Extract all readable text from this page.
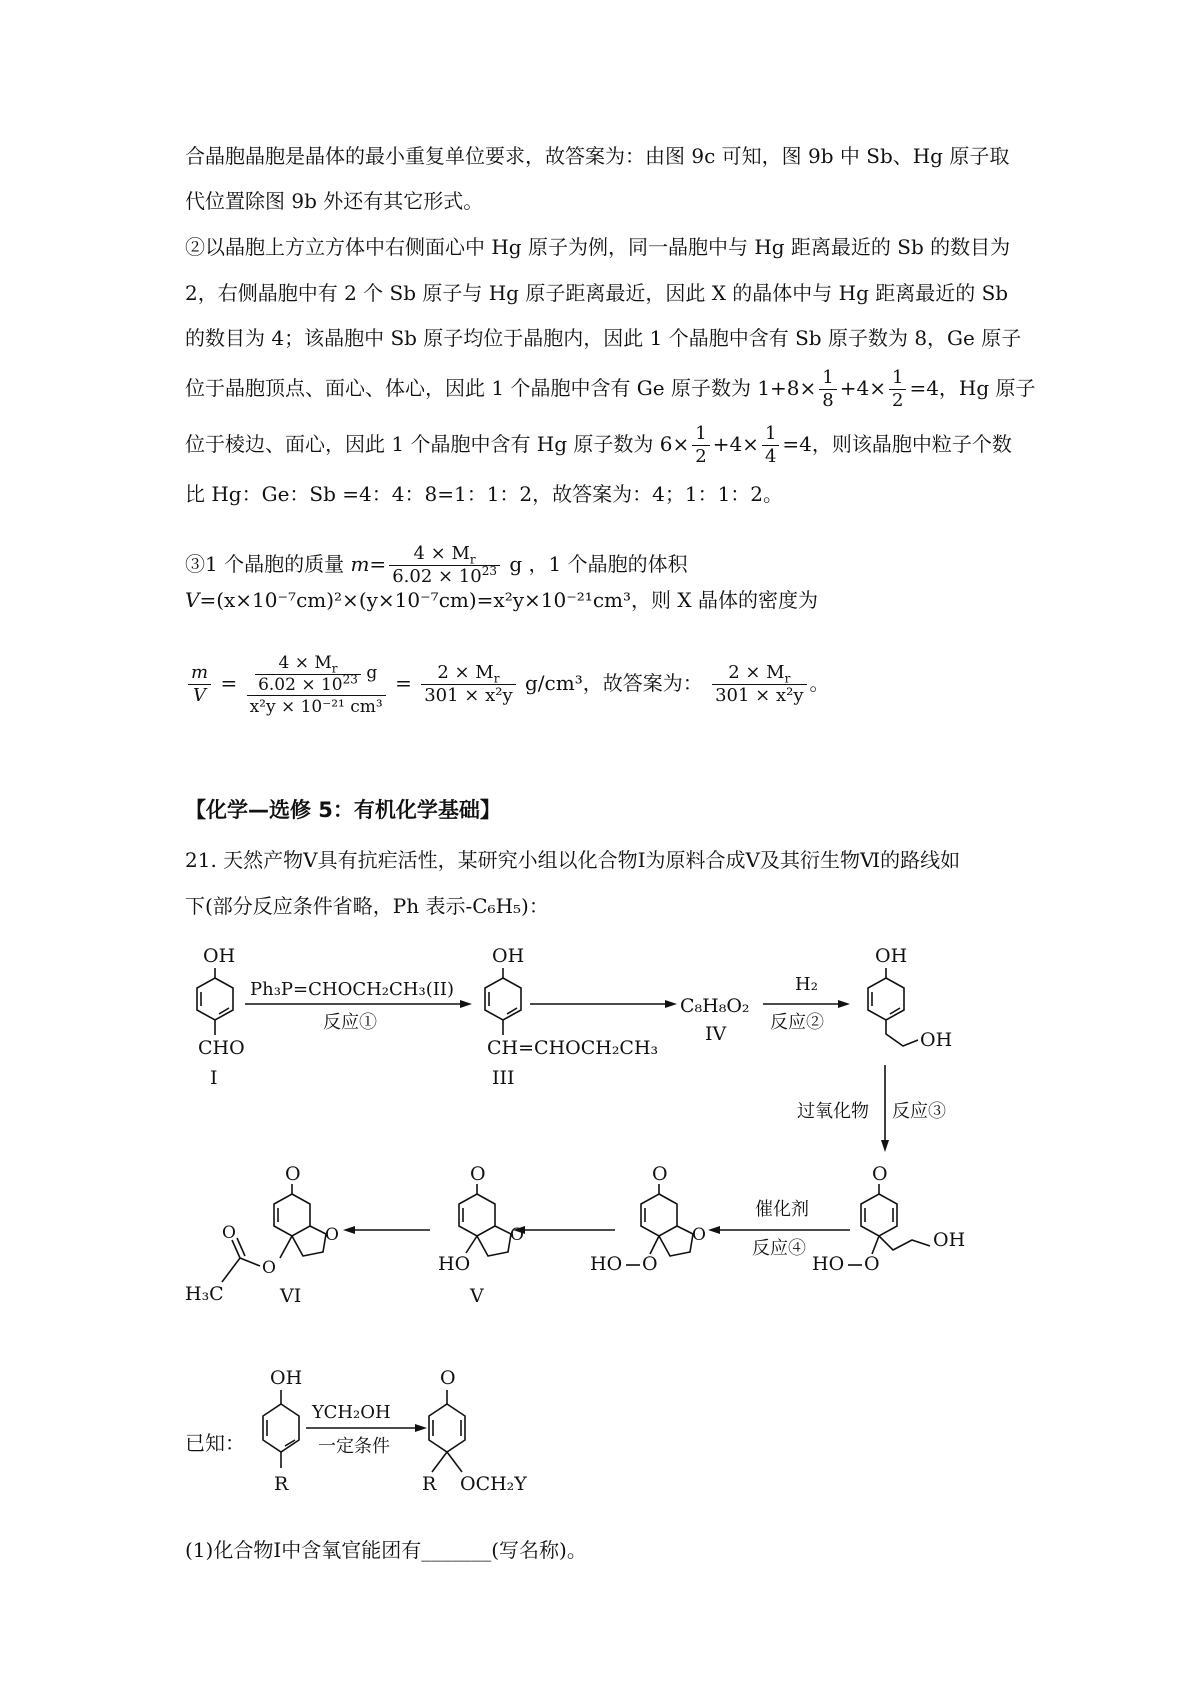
合晶胞晶胞是晶体的最小重复单位要求，故答案为：由图 9c 可知，图 9b 中 Sb、Hg 原子取
代位置除图 9b 外还有其它形式。
②以晶胞上方立方体中右侧面心中 Hg 原子为例，同一晶胞中与 Hg 距离最近的 Sb 的数目为
2，右侧晶胞中有 2 个 Sb 原子与 Hg 原子距离最近，因此 X 的晶体中与 Hg 距离最近的 Sb
的数目为 4；该晶胞中 Sb 原子均位于晶胞内，因此 1 个晶胞中含有 Sb 原子数为 8，Ge 原子
位于晶胞顶点、面心、体心，因此 1 个晶胞中含有 Ge 原子数为 $1+8\times \frac{1}{8} +4\times \frac{1}{2} =4$，Hg 原子
位于棱边、面心，因此 1 个晶胞中含有 Hg 原子数为 $6\times \frac{1}{2} +4\times \frac{1}{4} =4$，则该晶胞中粒子个数
比 Hg：Ge：Sb =4：4：8=1：1：2，故答案为：4；1：1：2。
③1 个晶胞的质量 $m= \frac{4 \times M_r}{6.02 \times 10^{23}}$ g ，1 个晶胞的体积
V=(x×10⁻⁷cm)²×(y×10⁻⁷cm)=x²y×10⁻²¹cm³，则 X 晶体的密度为
$\frac{m}{V} = \frac{\frac{4 \times M_r}{6.02 \times 10^{23}} g}{\text{x²y × 10⁻²¹ cm³}} = \frac{2 \times M_r}{\text{301 × x²y}} g/cm^3$，故答案为： $\frac{2 \times M_r}{\text{301 × x²y}}$ 。
【化学—选修 5：有机化学基础】
21. 天然产物Ⅴ具有抗疟活性，某研究小组以化合物Ⅰ为原料合成Ⅴ及其衍生物Ⅵ的路线如
下(部分反应条件省略，Ph 表示-C₆H₅)：
OH
CHO
I
Ph₃P=CHOCH₂CH₃(II)
反应①
OH
CH=CHOCH₂CH₃
III
C₈H₈O₂
IV
H₂
反应②
OH
OH
过氧化物 反应③
O
OH
O
HO
催化剂
反应④
O
O
O
HO
O
O
HO
V
O
O
O
O
H₃C	VI
已知：
OH
R
YCH₂OH
一定条件
O
R OCH₂Y
(1)化合物Ⅰ中含氧官能团有_______(写名称)。
